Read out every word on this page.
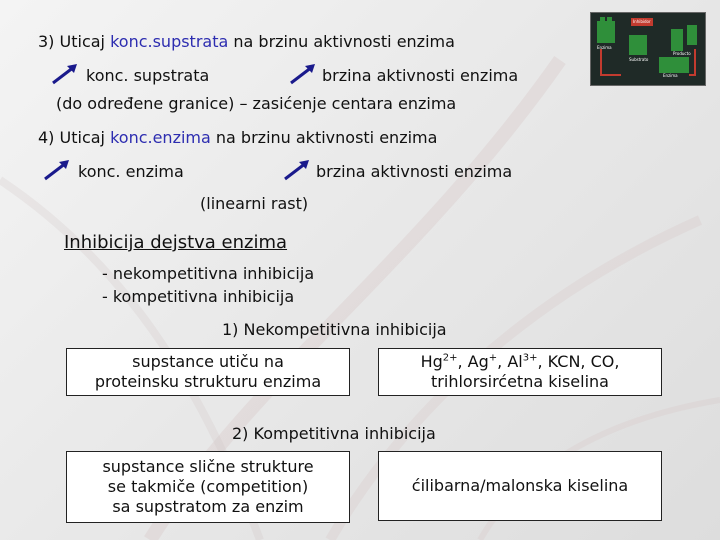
Enzima
Substrato
Inhibidor
Producto
Enzima
3) Uticaj konc.supstrata na brzinu aktivnosti enzima
konc. supstrata	brzina aktivnosti enzima
(do određene granice) – zasićenje centara enzima
4) Uticaj konc.enzima na brzinu aktivnosti enzima
konc. enzima	brzina aktivnosti enzima
(linearni rast)
Inhibicija dejstva enzima
- nekompetitivna inhibicija
- kompetitivna inhibicija
1) Nekompetitivna inhibicija
supstance utiču na
proteinsku strukturu enzima
$Hg^{2+}$, Ag+, $Al^{3+}$, KCN, CO,
trihlorsirćetna kiselina
2) Kompetitivna inhibicija
supstance slične strukture
se takmiče (competition)
sa supstratom za enzim
ćilibarna/malonska kiselina
